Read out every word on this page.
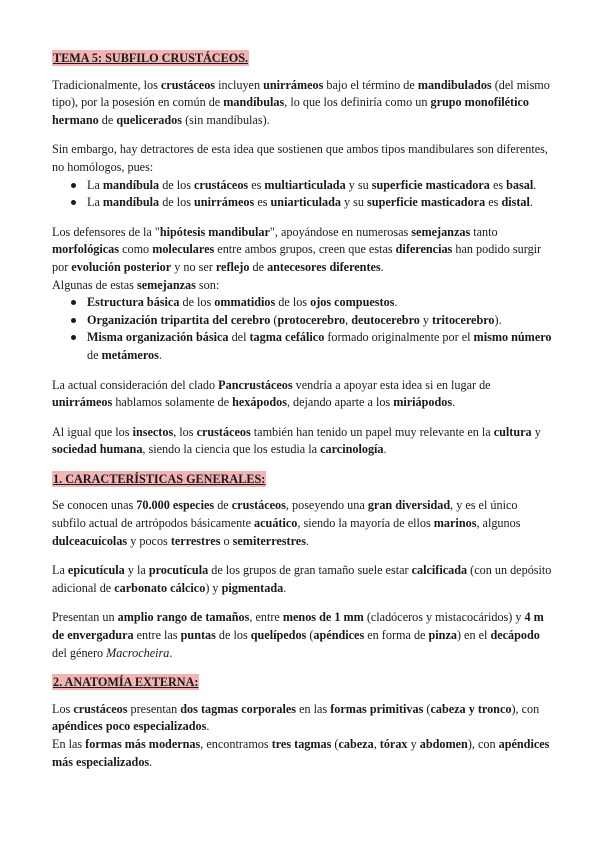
TEMA 5: SUBFILO CRUSTÁCEOS.

Tradicionalmente, los crustáceos incluyen unirrámeos bajo el término de mandibulados (del mismo tipo), por la posesión en común de mandíbulas, lo que los definiría como un grupo monofilético hermano de quelicerados (sin mandíbulas).

Sin embargo, hay detractores de esta idea que sostienen que ambos tipos mandibulares son diferentes, no homólogos, pues:

La mandíbula de los crustáceos es multiarticulada y su superficie masticadora es basal.
La mandíbula de los unirrámeos es uniarticulada y su superficie masticadora es distal.

Los defensores de la "hipótesis mandibular", apoyándose en numerosas semejanzas tanto morfológicas como moleculares entre ambos grupos, creen que estas diferencias han podido surgir por evolución posterior y no ser reflejo de antecesores diferentes.

Algunas de estas semejanzas son:

Estructura básica de los ommatidios de los ojos compuestos.
Organización tripartita del cerebro (protocerebro, deutocerebro y tritocerebro).
Misma organización básica del tagma cefálico formado originalmente por el mismo número de metámeros.

La actual consideración del clado Pancrustáceos vendría a apoyar esta idea si en lugar de unirrámeos hablamos solamente de hexápodos, dejando aparte a los miriápodos.

Al igual que los insectos, los crustáceos también han tenido un papel muy relevante en la cultura y sociedad humana, siendo la ciencia que los estudia la carcinología.

1. CARACTERÍSTICAS GENERALES:

Se conocen unas 70.000 especies de crustáceos, poseyendo una gran diversidad, y es el único subfilo actual de artrópodos básicamente acuático, siendo la mayoría de ellos marinos, algunos dulceacuícolas y pocos terrestres o semiterrestres.

La epicutícula y la procutícula de los grupos de gran tamaño suele estar calcificada (con un depósito adicional de carbonato cálcico) y pigmentada.

Presentan un amplio rango de tamaños, entre menos de 1 mm (cladóceros y mistacocáridos) y 4 m de envergadura entre las puntas de los quelípedos (apéndices en forma de pinza) en el decápodo del género Macrocheira.

2. ANATOMÍA EXTERNA:

Los crustáceos presentan dos tagmas corporales en las formas primitivas (cabeza y tronco), con apéndices poco especializados.

En las formas más modernas, encontramos tres tagmas (cabeza, tórax y abdomen), con apéndices más especializados.
